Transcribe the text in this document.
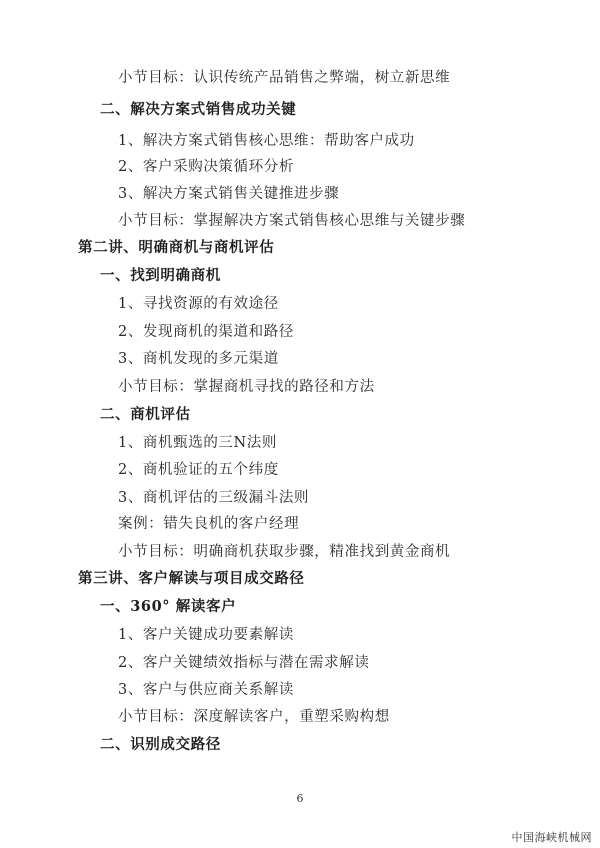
小节目标：认识传统产品销售之弊端，树立新思维
二、解决方案式销售成功关键
1、解决方案式销售核心思维：帮助客户成功
2、客户采购决策循环分析
3、解决方案式销售关键推进步骤
小节目标：掌握解决方案式销售核心思维与关键步骤
第二讲、明确商机与商机评估
一、找到明确商机
1、寻找资源的有效途径
2、发现商机的渠道和路径
3、商机发现的多元渠道
小节目标：掌握商机寻找的路径和方法
二、商机评估
1、商机甄选的三N法则
2、商机验证的五个纬度
3、商机评估的三级漏斗法则
案例：错失良机的客户经理
小节目标：明确商机获取步骤，精准找到黄金商机
第三讲、客户解读与项目成交路径
一、360° 解读客户
1、客户关键成功要素解读
2、客户关键绩效指标与潜在需求解读
3、客户与供应商关系解读
小节目标：深度解读客户，重塑采购构想
二、识别成交路径
6
中国海峡机械网
